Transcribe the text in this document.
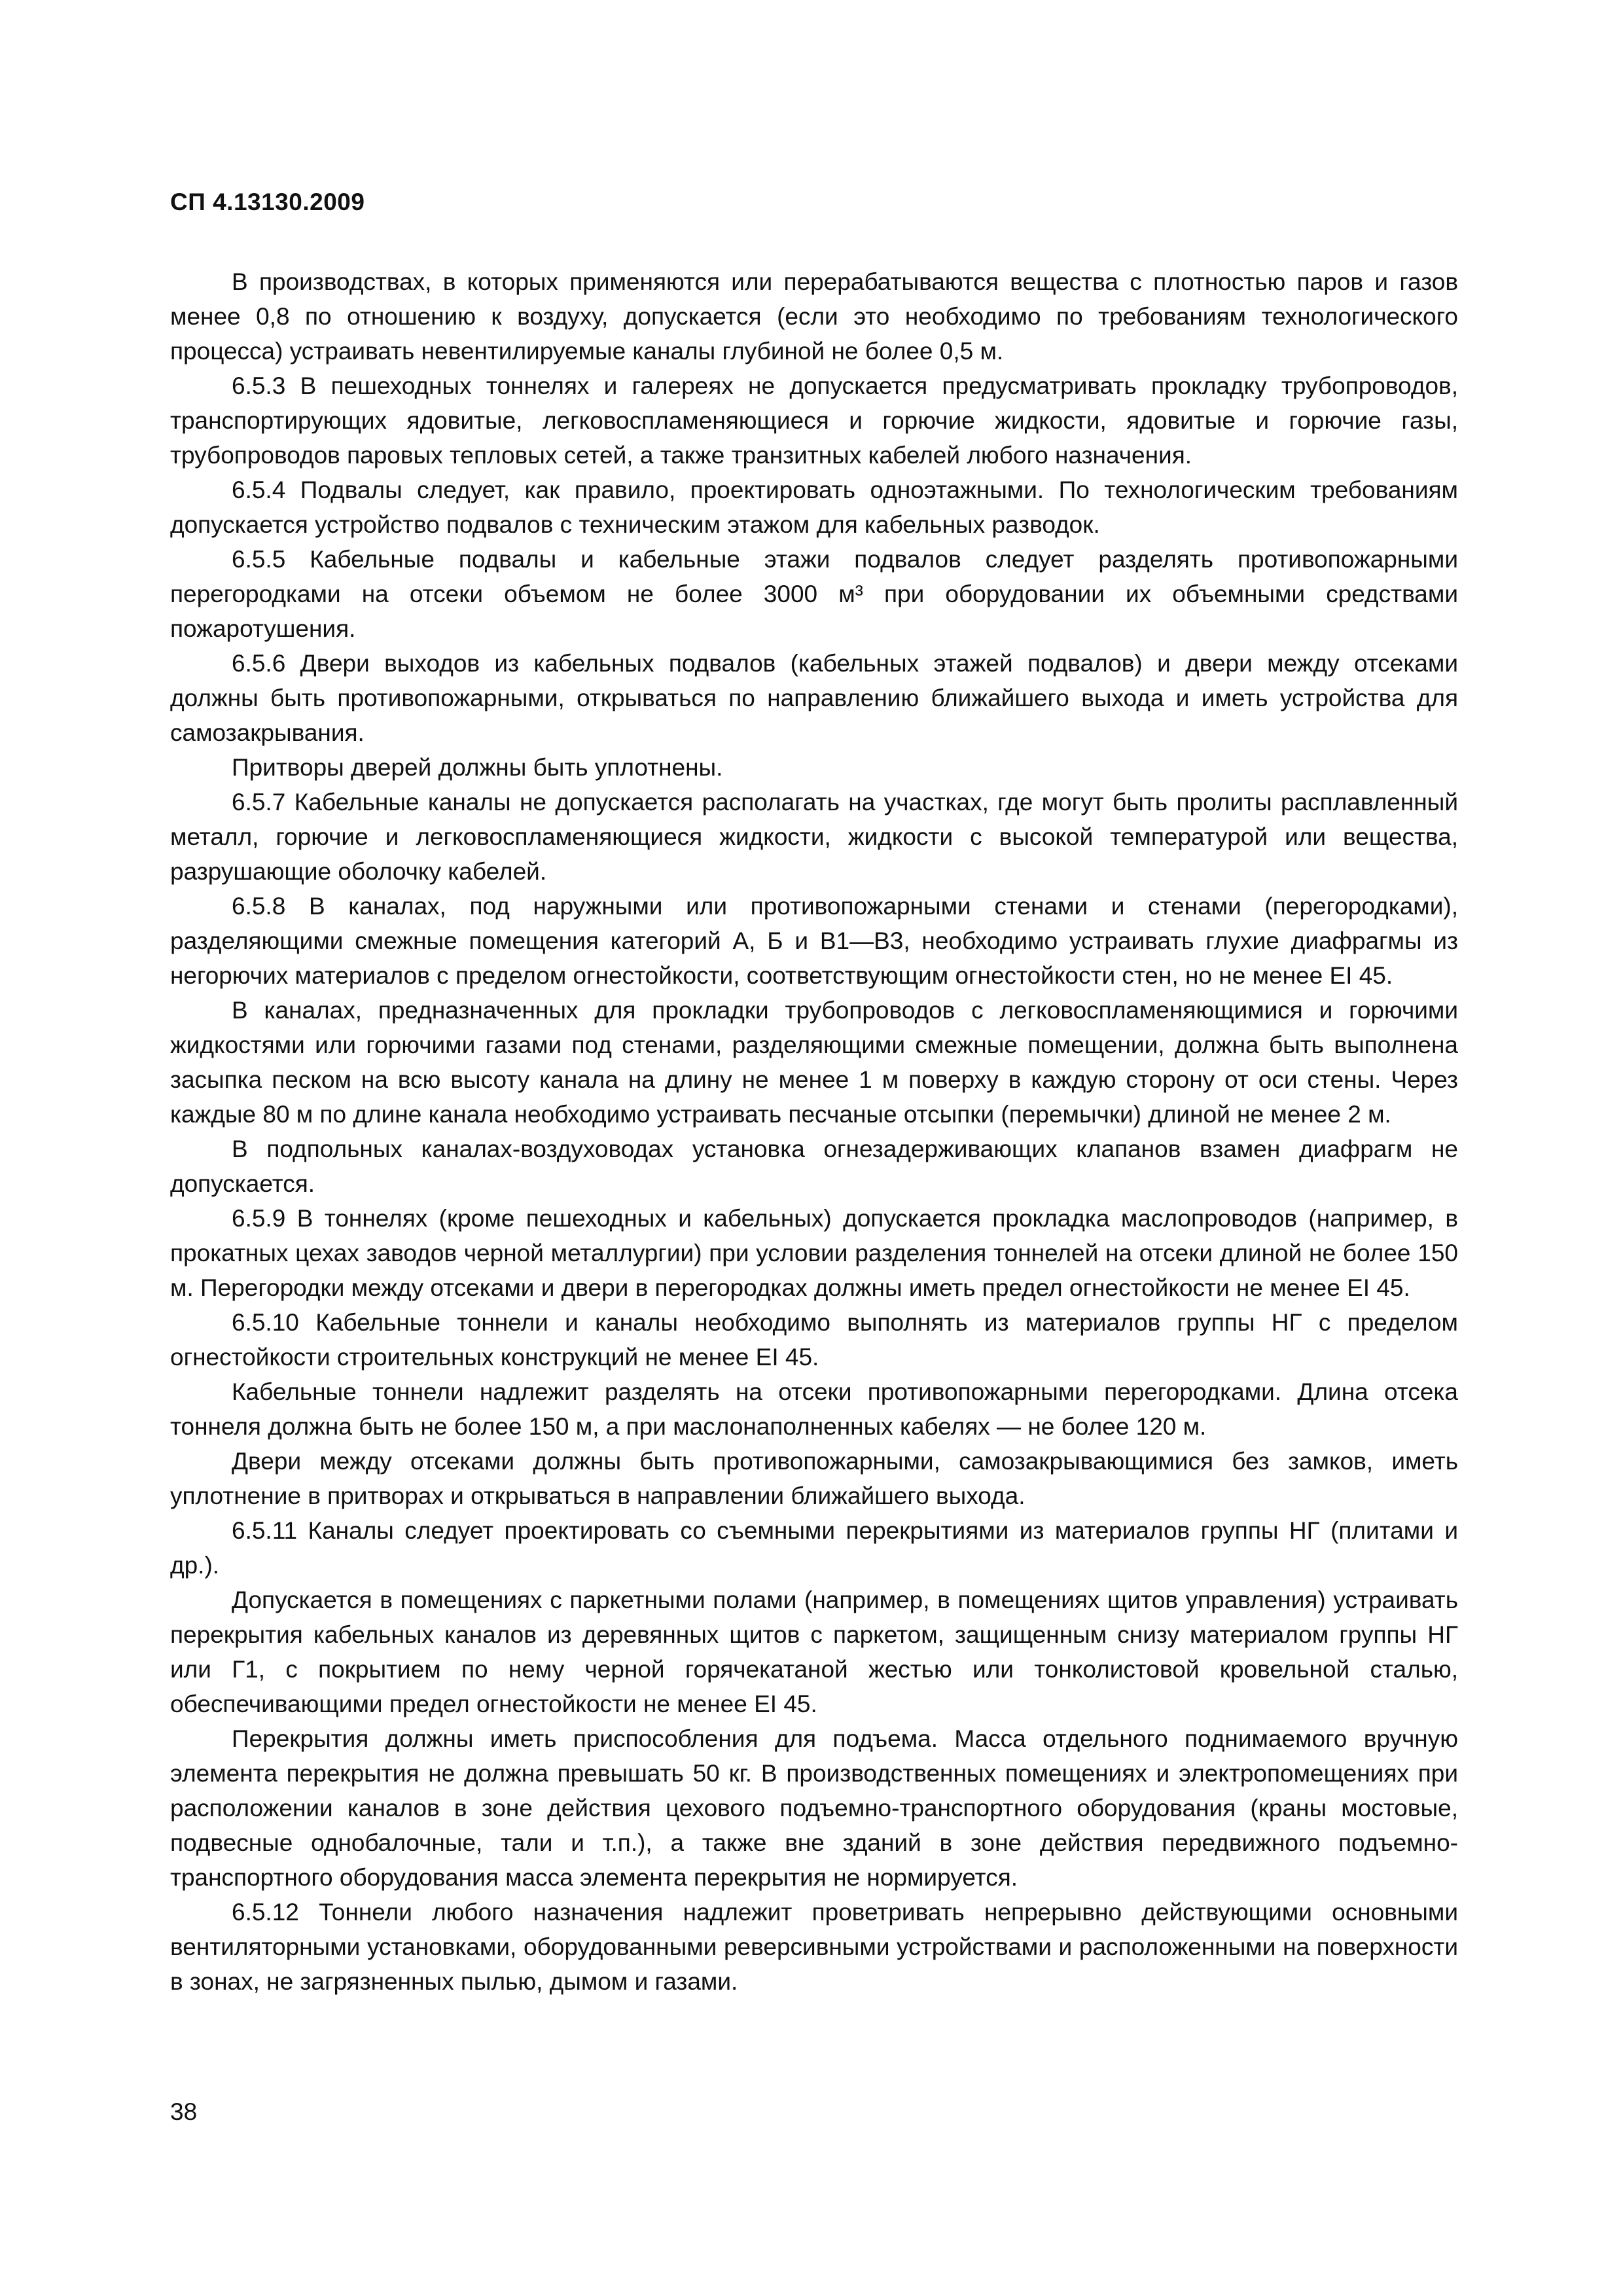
СП 4.13130.2009

В производствах, в которых применяются или перерабатываются вещества с плотностью паров и газов менее 0,8 по отношению к воздуху, допускается (если это необходимо по требованиям технологического процесса) устраивать невентилируемые каналы глубиной не более 0,5 м.

6.5.3 В пешеходных тоннелях и галереях не допускается предусматривать прокладку трубопроводов, транспортирующих ядовитые, легковоспламеняющиеся и горючие жидкости, ядовитые и горючие газы, трубопроводов паровых тепловых сетей, а также транзитных кабелей любого назначения.

6.5.4 Подвалы следует, как правило, проектировать одноэтажными. По технологическим требованиям допускается устройство подвалов с техническим этажом для кабельных разводок.

6.5.5 Кабельные подвалы и кабельные этажи подвалов следует разделять противопожарными перегородками на отсеки объемом не более 3000 м³ при оборудовании их объемными средствами пожаротушения.

6.5.6 Двери выходов из кабельных подвалов (кабельных этажей подвалов) и двери между отсеками должны быть противопожарными, открываться по направлению ближайшего выхода и иметь устройства для самозакрывания.

Притворы дверей должны быть уплотнены.

6.5.7 Кабельные каналы не допускается располагать на участках, где могут быть пролиты расплавленный металл, горючие и легковоспламеняющиеся жидкости, жидкости с высокой температурой или вещества, разрушающие оболочку кабелей.

6.5.8 В каналах, под наружными или противопожарными стенами и стенами (перегородками), разделяющими смежные помещения категорий А, Б и В1—В3, необходимо устраивать глухие диафрагмы из негорючих материалов с пределом огнестойкости, соответствующим огнестойкости стен, но не менее EI 45.

В каналах, предназначенных для прокладки трубопроводов с легковоспламеняющимися и горючими жидкостями или горючими газами под стенами, разделяющими смежные помещении, должна быть выполнена засыпка песком на всю высоту канала на длину не менее 1 м поверху в каждую сторону от оси стены. Через каждые 80 м по длине канала необходимо устраивать песчаные отсыпки (перемычки) длиной не менее 2 м.

В подпольных каналах-воздуховодах установка огнезадерживающих клапанов взамен диафрагм не допускается.

6.5.9 В тоннелях (кроме пешеходных и кабельных) допускается прокладка маслопроводов (например, в прокатных цехах заводов черной металлургии) при условии разделения тоннелей на отсеки длиной не более 150 м. Перегородки между отсеками и двери в перегородках должны иметь предел огнестойкости не менее EI 45.

6.5.10 Кабельные тоннели и каналы необходимо выполнять из материалов группы НГ с пределом огнестойкости строительных конструкций не менее EI 45.

Кабельные тоннели надлежит разделять на отсеки противопожарными перегородками. Длина отсека тоннеля должна быть не более 150 м, а при маслонаполненных кабелях — не более 120 м.

Двери между отсеками должны быть противопожарными, самозакрывающимися без замков, иметь уплотнение в притворах и открываться в направлении ближайшего выхода.

6.5.11 Каналы следует проектировать со съемными перекрытиями из материалов группы НГ (плитами и др.).

Допускается в помещениях с паркетными полами (например, в помещениях щитов управления) устраивать перекрытия кабельных каналов из деревянных щитов с паркетом, защищенным снизу материалом группы НГ или Г1, с покрытием по нему черной горячекатаной жестью или тонколистовой кровельной сталью, обеспечивающими предел огнестойкости не менее EI 45.

Перекрытия должны иметь приспособления для подъема. Масса отдельного поднимаемого вручную элемента перекрытия не должна превышать 50 кг. В производственных помещениях и электропомещениях при расположении каналов в зоне действия цехового подъемно-транспортного оборудования (краны мостовые, подвесные однобалочные, тали и т.п.), а также вне зданий в зоне действия передвижного подъемно-транспортного оборудования масса элемента перекрытия не нормируется.

6.5.12 Тоннели любого назначения надлежит проветривать непрерывно действующими основными вентиляторными установками, оборудованными реверсивными устройствами и расположенными на поверхности в зонах, не загрязненных пылью, дымом и газами.

38
